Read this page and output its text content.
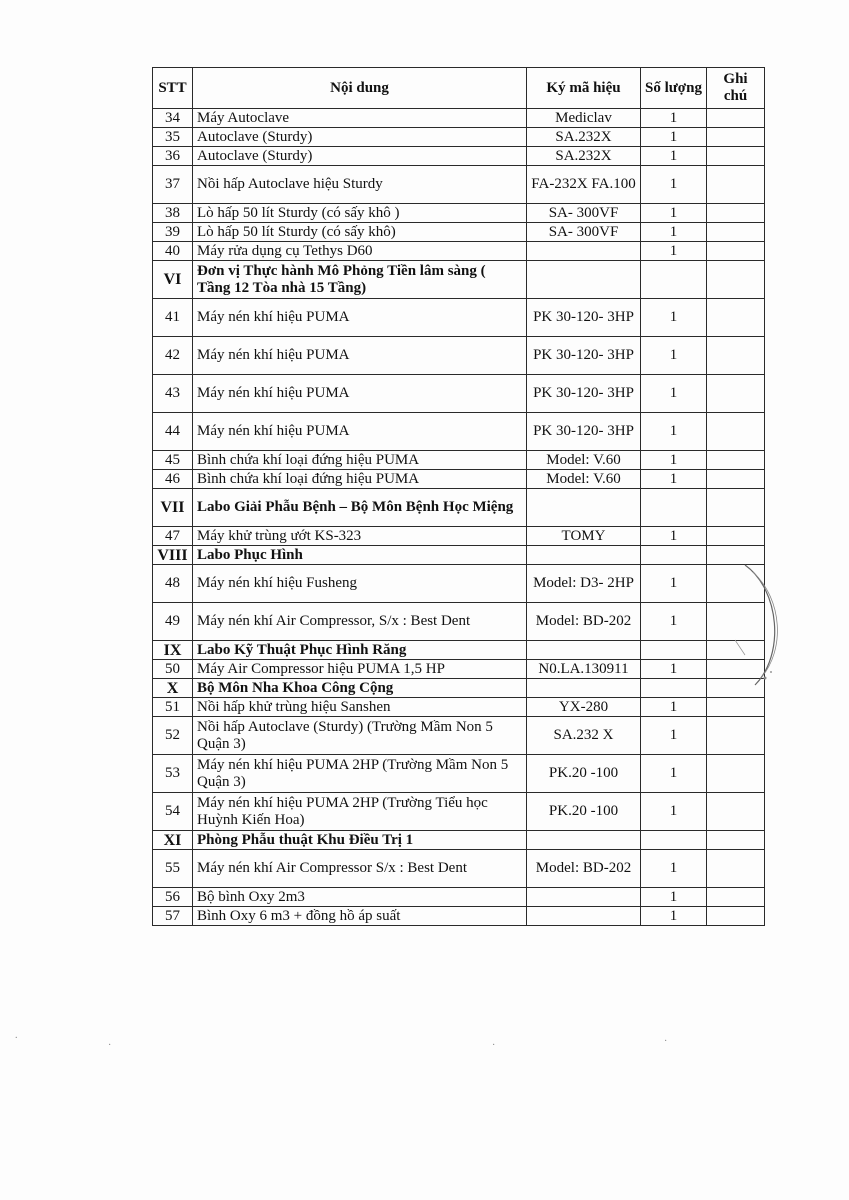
STT	Nội dung	Ký mã hiệu	Số lượng	Ghi chú
34	Máy Autoclave	Mediclav	1	
35	Autoclave (Sturdy)	SA.232X	1	
36	Autoclave (Sturdy)	SA.232X	1	
37	Nồi hấp Autoclave hiệu Sturdy	FA-232X FA.100	1	
38	Lò hấp 50 lít Sturdy (có sấy khô )	SA- 300VF	1	
39	Lò hấp 50 lít Sturdy (có sấy khô)	SA- 300VF	1	
40	Máy rửa dụng cụ Tethys D60		1	
VI	Đơn vị Thực hành Mô Phỏng Tiền lâm sàng ( Tầng 12 Tòa nhà 15 Tầng)			
41	Máy nén khí hiệu PUMA	PK 30-120- 3HP	1	
42	Máy nén khí hiệu PUMA	PK 30-120- 3HP	1	
43	Máy nén khí hiệu PUMA	PK 30-120- 3HP	1	
44	Máy nén khí hiệu PUMA	PK 30-120- 3HP	1	
45	Bình chứa khí loại đứng hiệu PUMA	Model: V.60	1	
46	Bình chứa khí loại đứng hiệu PUMA	Model: V.60	1	
VII	Labo Giải Phẫu Bệnh – Bộ Môn Bệnh Học Miệng			
47	Máy khử trùng ướt KS-323	TOMY	1	
VIII	Labo Phục Hình			
48	Máy nén khí hiệu Fusheng	Model: D3- 2HP	1	
49	Máy nén khí Air Compressor, S/x : Best Dent	Model: BD-202	1	
IX	Labo Kỹ Thuật Phục Hình Răng			
50	Máy Air Compressor hiệu PUMA 1,5 HP	N0.LA.130911	1	
X	Bộ Môn Nha Khoa Công Cộng			
51	Nồi hấp khử trùng hiệu Sanshen	YX-280	1	
52	Nồi hấp Autoclave (Sturdy) (Trường Mầm Non 5 Quận 3)	SA.232 X	1	
53	Máy nén khí hiệu PUMA 2HP (Trường Mầm Non 5 Quận 3)	PK.20 -100	1	
54	Máy nén khí hiệu PUMA 2HP (Trường Tiểu học Huỳnh Kiến Hoa)	PK.20 -100	1	
XI	Phòng Phẫu thuật Khu Điều Trị 1			
55	Máy nén khí Air Compressor S/x : Best Dent	Model: BD-202	1	
56	Bộ bình Oxy 2m3		1	
57	Bình Oxy 6 m3 + đồng hồ áp suất		1	
.
·	·	·
